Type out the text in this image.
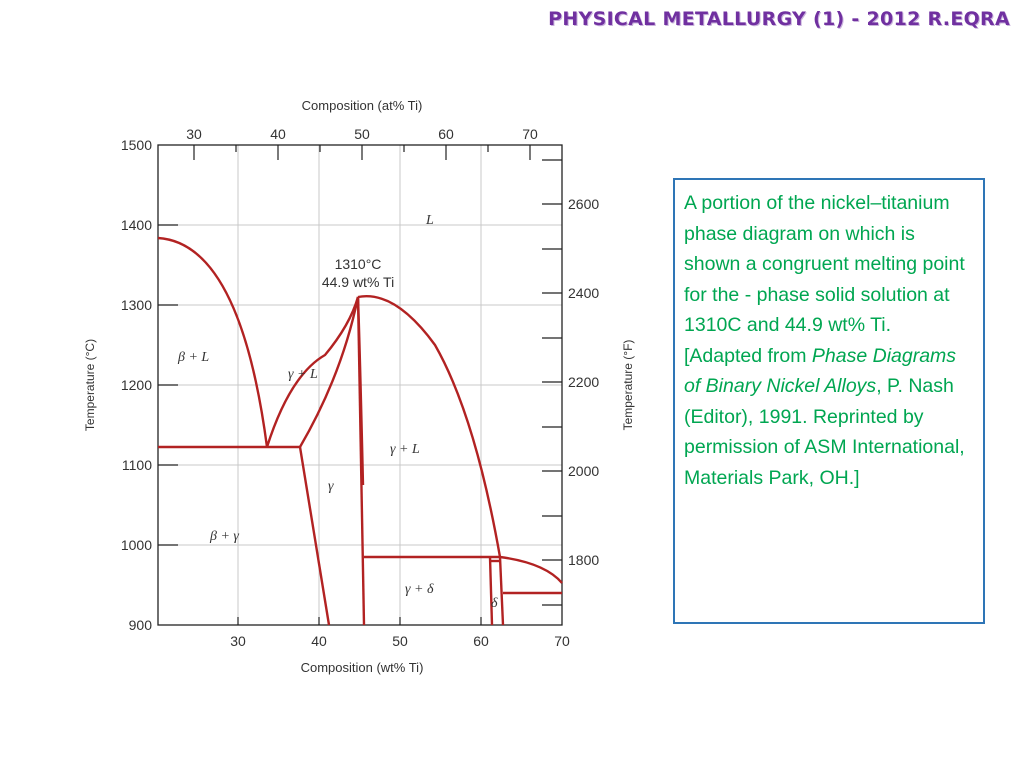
PHYSICAL METALLURGY (1) - 2012 R.EQRA
Composition (at% Ti)
Composition (wt% Ti)
Temperature (°C)	Temperature (°F)
30	40	50	60	70
30	40	50	60	70
1500
1400
1300
1200
1100
1000
900
2600
2400
2200
2000
1800
1310°C
44.9 wt% Ti
L
β + L
γ + L
γ + L
γ
β + γ
γ + δ
δ

A portion of the nickel–titanium phase diagram on which is shown a congruent melting point for the - phase solid solution at 1310C and 44.9 wt% Ti. [Adapted from Phase Diagrams of Binary Nickel Alloys, P. Nash (Editor), 1991. Reprinted by permission of ASM International, Materials Park, OH.]
